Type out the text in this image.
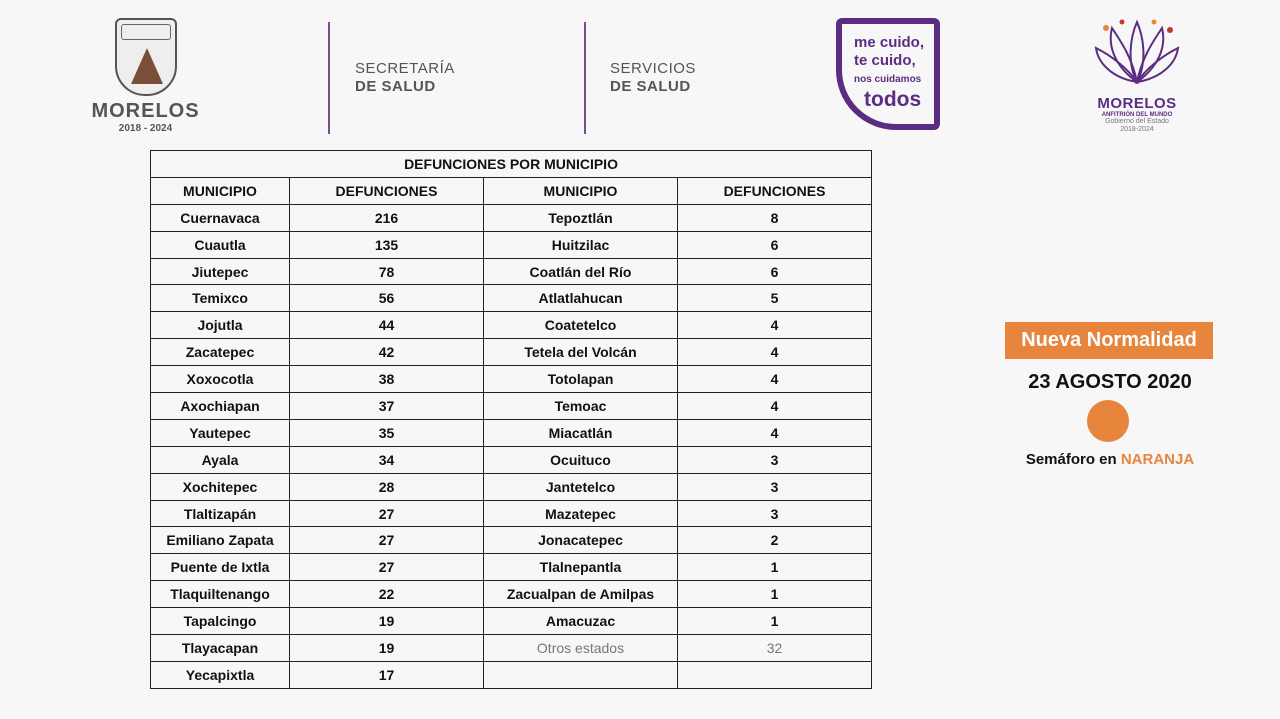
MORELOS
2018 - 2024
SECRETARÍA
DE SALUD
SERVICIOS
DE SALUD
me cuido,
te cuido,
nos cuidamos
todos	MORELOS
ANFITRIÓN DEL MUNDO
Gobierno del Estado
2018-2024
DEFUNCIONES POR MUNICIPIO			
MUNICIPIO	DEFUNCIONES	MUNICIPIO	DEFUNCIONES
Cuernavaca	216	Tepoztlán	8
Cuautla	135	Huitzilac	6
Jiutepec	78	Coatlán del Río	6
Temixco	56	Atlatlahucan	5
Jojutla	44	Coatetelco	4
Zacatepec	42	Tetela del Volcán	4
Xoxocotla	38	Totolapan	4
Axochiapan	37	Temoac	4
Yautepec	35	Miacatlán	4
Ayala	34	Ocuituco	3
Xochitepec	28	Jantetelco	3
Tlaltizapán	27	Mazatepec	3
Emiliano Zapata	27	Jonacatepec	2
Puente de Ixtla	27	Tlalnepantla	1
Tlaquiltenango	22	Zacualpan de Amilpas	1
Tapalcingo	19	Amacuzac	1
Tlayacapan	19	Otros estados	32
Yecapixtla	17		
Nueva Normalidad
23 AGOSTO 2020
Semáforo en NARANJA
